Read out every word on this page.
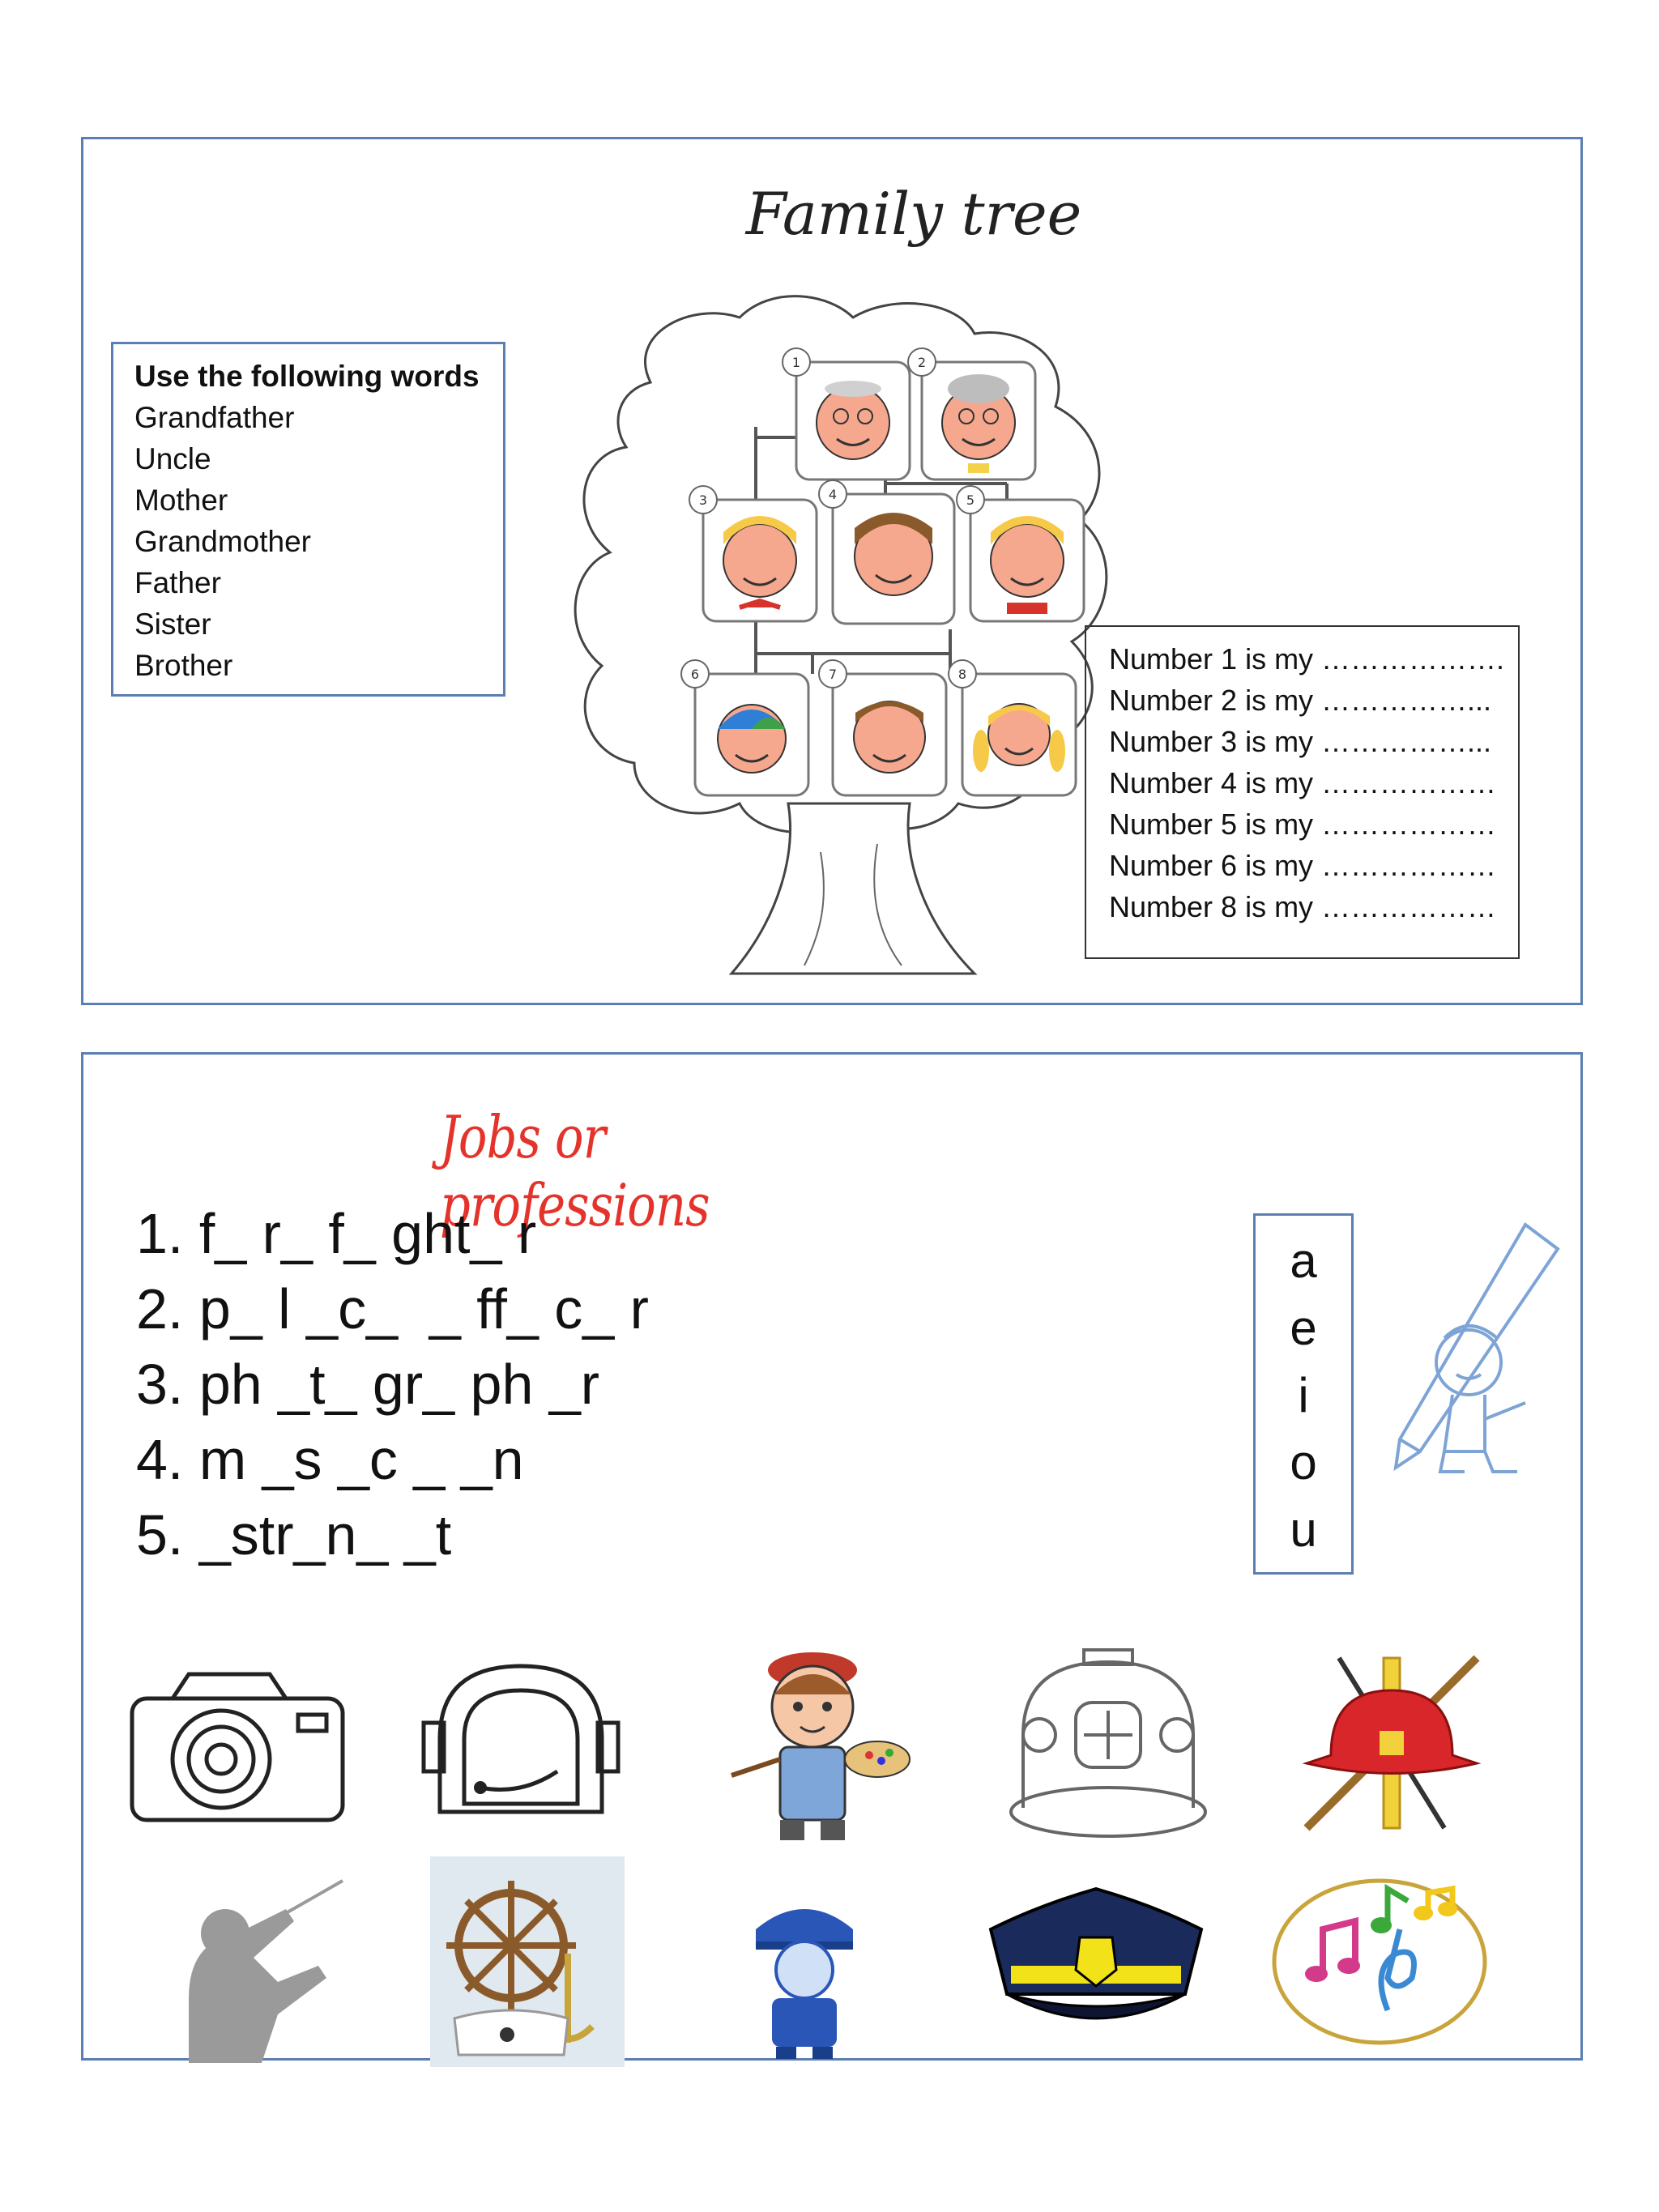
Family tree
Use the following words
Grandfather
Uncle
Mother
Grandmother
Father
Sister
Brother
1	2
3	4	5
6	7	8	Number 1 is my ……………….
Number 2 is my ……………...
Number 3 is my ……………...
Number 4 is my ………………
Number 5 is my ………………
Number 6 is my ………………
Number 8 is my ………………
Jobs or professions
1. f_ r_ f_ ght_ r
2. p_ l _c_  _ ff_ c_ r
3. ph _t_ gr_ ph _r
4. m _s _c _ _n
5. _str_n_ _t
a
e
i
o
u
